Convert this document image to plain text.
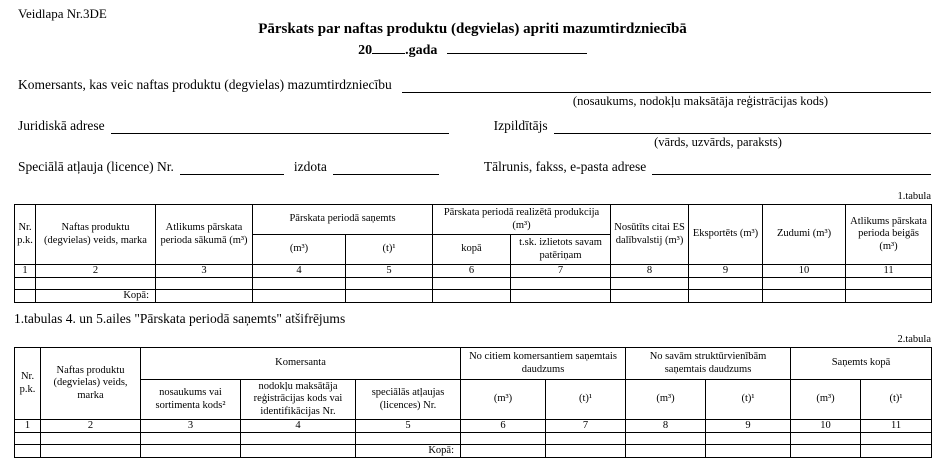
Veidlapa Nr.3DE
Pārskats par naftas produktu (degvielas) apriti mazumtirdzniecībā
20 .gada
Komersants, kas veic naftas produktu (degvielas) mazumtirdzniecību
(nosaukums, nodokļu maksātāja reģistrācijas kods)
Juridiskā adrese	Izpildītājs
(vārds, uzvārds, paraksts)
Speciālā atļauja (licence) Nr.	izdota	Tālrunis, fakss, e-pasta adrese
1.tabula
Nr. p.k.	Naftas produktu (degvielas) veids, marka	Atlikums pārskata perioda sākumā (m³)	Pārskata periodā saņemts		Pārskata periodā realizētā produkcija (m³)		Nosūtīts citai ES dalībvalstij (m³)	Eksportēts (m³)	Zudumi (m³)	Atlikums pārskata perioda beigās (m³)
			(m³)	(t)¹	kopā	t.sk. izlietots savam patēriņam				
1	2	3	4	5	6	7	8	9	10	11

	Kopā:									
1.tabulas 4. un 5.ailes "Pārskata periodā saņemts" atšifrējums
2.tabula
Nr. p.k.	Naftas produktu (degvielas) veids, marka	Komersanta			No citiem komersantiem saņemtais daudzums		No savām struktūrvienībām saņemtais daudzums		Saņemts kopā	
		nosaukums vai sortimenta kods²	nodokļu maksātāja reģistrācijas kods vai identifikācijas Nr.	speciālās atļaujas (licences) Nr.	(m³)	(t)¹	(m³)	(t)¹	(m³)	(t)¹
1	2	3	4	5	6	7	8	9	10	11

				Kopā:						
